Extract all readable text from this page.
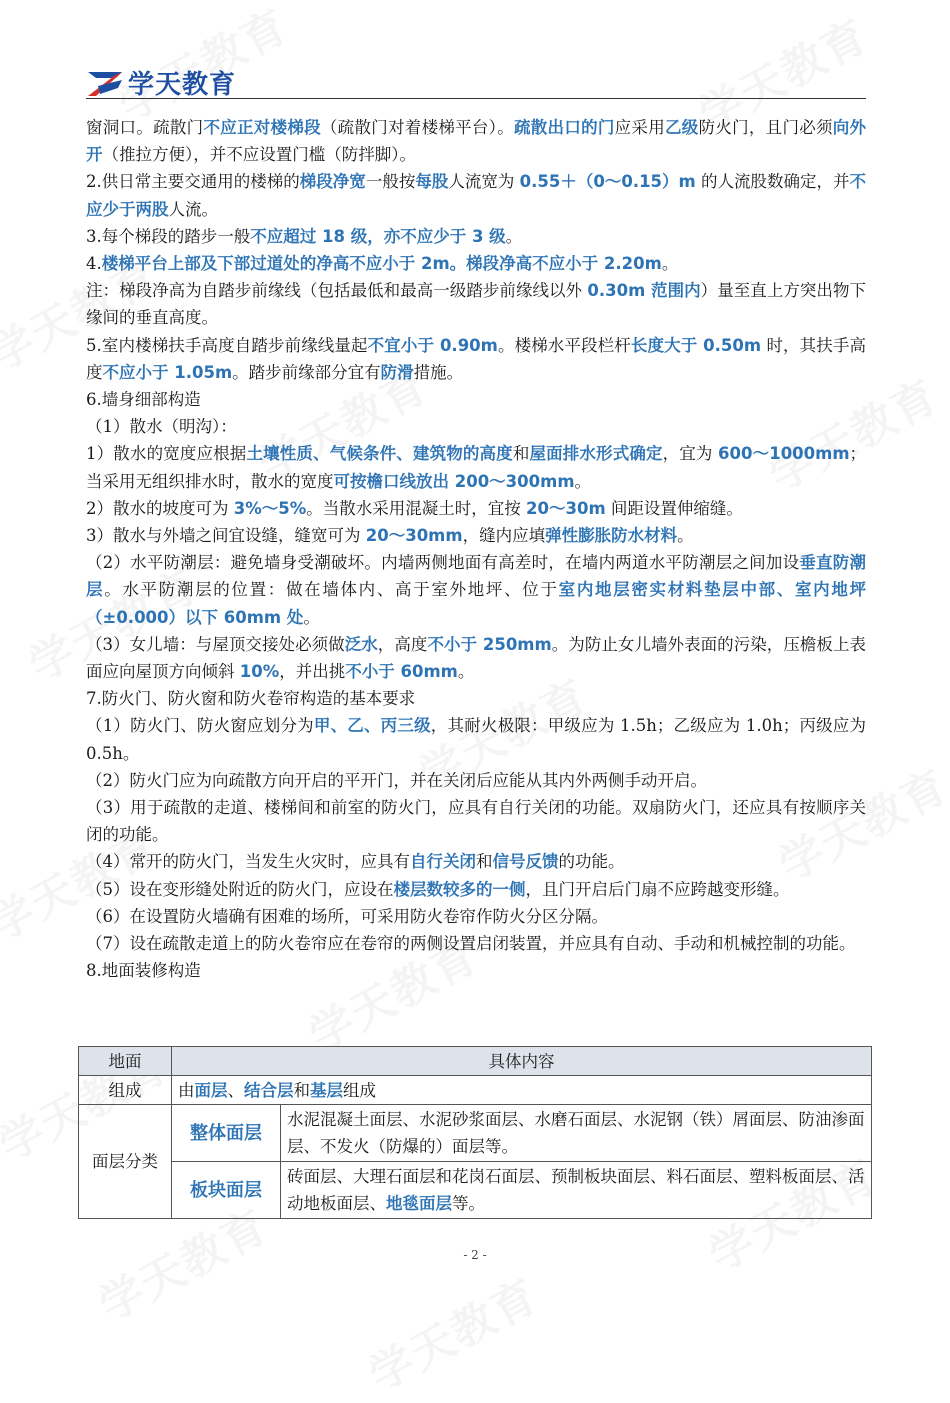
学天教育

窗洞口。疏散门不应正对楼梯段（疏散门对着楼梯平台）。疏散出口的门应采用乙级防火门，且门必须向外开（推拉方便），并不应设置门槛（防拌脚）。

2.供日常主要交通用的楼梯的梯段净宽一般按每股人流宽为 0.55＋（0～0.15）m 的人流股数确定，并不应少于两股人流。

3.每个梯段的踏步一般不应超过 18 级，亦不应少于 3 级。

4.楼梯平台上部及下部过道处的净高不应小于 2m。梯段净高不应小于 2.20m。

注：梯段净高为自踏步前缘线（包括最低和最高一级踏步前缘线以外 0.30m 范围内）量至直上方突出物下缘间的垂直高度。

5.室内楼梯扶手高度自踏步前缘线量起不宜小于 0.90m。楼梯水平段栏杆长度大于 0.50m 时，其扶手高度不应小于 1.05m。踏步前缘部分宜有防滑措施。

6.墙身细部构造

（1）散水（明沟）：

1）散水的宽度应根据土壤性质、气候条件、建筑物的高度和屋面排水形式确定，宜为 600～1000mm；当采用无组织排水时，散水的宽度可按檐口线放出 200～300mm。

2）散水的坡度可为 3%～5%。当散水采用混凝土时，宜按 20～30m 间距设置伸缩缝。

3）散水与外墙之间宜设缝，缝宽可为 20～30mm，缝内应填弹性膨胀防水材料。

（2）水平防潮层：避免墙身受潮破坏。内墙两侧地面有高差时，在墙内两道水平防潮层之间加设垂直防潮层。水平防潮层的位置：做在墙体内、高于室外地坪、位于室内地层密实材料垫层中部、室内地坪（±0.000）以下 60mm 处。

（3）女儿墙：与屋顶交接处必须做泛水，高度不小于 250mm。为防止女儿墙外表面的污染，压檐板上表面应向屋顶方向倾斜 10%，并出挑不小于 60mm。

7.防火门、防火窗和防火卷帘构造的基本要求

（1）防火门、防火窗应划分为甲、乙、丙三级，其耐火极限：甲级应为 1.5h；乙级应为 1.0h；丙级应为 0.5h。

（2）防火门应为向疏散方向开启的平开门，并在关闭后应能从其内外两侧手动开启。

（3）用于疏散的走道、楼梯间和前室的防火门，应具有自行关闭的功能。双扇防火门，还应具有按顺序关闭的功能。

（4）常开的防火门，当发生火灾时，应具有自行关闭和信号反馈的功能。

（5）设在变形缝处附近的防火门，应设在楼层数较多的一侧，且门开启后门扇不应跨越变形缝。

（6）在设置防火墙确有困难的场所，可采用防火卷帘作防火分区分隔。

（7）设在疏散走道上的防火卷帘应在卷帘的两侧设置启闭装置，并应具有自动、手动和机械控制的功能。

8.地面装修构造

地面	具体内容	
组成	由面层、结合层和基层组成	
面层分类	整体面层	水泥混凝土面层、水泥砂浆面层、水磨石面层、水泥钢（铁）屑面层、防油渗面层、不发火（防爆的）面层等。
	板块面层	砖面层、大理石面层和花岗石面层、预制板块面层、料石面层、塑料板面层、活动地板面层、地毯面层等。
- 2 -
